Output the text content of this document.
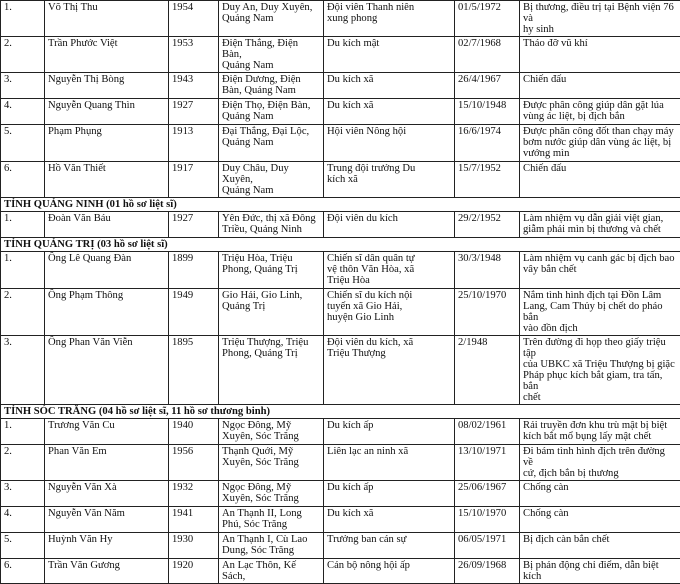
1.	Võ Thị Thu	1954	Duy An, Duy Xuyên,
Quảng Nam	Đội viên Thanh niên
xung phong	01/5/1972	Bị thương, điều trị tại Bệnh viện 76 và
hy sinh
2.	Trần Phước Việt	1953	Điện Thắng, Điện Bàn,
Quảng Nam	Du kích mật	02/7/1968	Tháo đỡ vũ khí
3.	Nguyễn Thị Bòng	1943	Điện Dương, Điện
Bàn, Quảng Nam	Du kích xã	26/4/1967	Chiến đấu
4.	Nguyễn Quang Thìn	1927	Điện Thọ, Điện Bàn,
Quảng Nam	Du kích xã	15/10/1948	Được phân công giúp dân gặt lúa
vùng ác liệt, bị địch bắn
5.	Phạm Phụng	1913	Đại Thắng, Đại Lộc,
Quảng Nam	Hội viên Nông hội	16/6/1974	Được phân công đốt than chạy máy
bơm nước giúp dân vùng ác liệt, bị
vướng mìn
6.	Hồ Văn Thiết	1917	Duy Châu, Duy Xuyên,
Quảng Nam	Trung đội trưởng Du
kích xã	15/7/1952	Chiến đấu
TỈNH QUẢNG NINH (01 hồ sơ liệt sĩ)						
1.	Đoàn Văn Báu	1927	Yên Đức, thị xã Đông
Triều, Quảng Ninh	Đội viên du kích	29/2/1952	Làm nhiệm vụ dẫn giải việt gian,
giẫm phải mìn bị thương và chết
TỈNH QUẢNG TRỊ (03 hồ sơ liệt sĩ)						
1.	Ông Lê Quang Đàn	1899	Triệu Hòa, Triệu
Phong, Quảng Trị	Chiến sĩ dân quân tự
vệ thôn Văn Hòa, xã
Triệu Hòa	30/3/1948	Làm nhiệm vụ canh gác bị địch bao
vây bắn chết
2.	Ông Phạm Thông	1949	Gio Hải, Gio Linh,
Quảng Trị	Chiến sĩ du kích nội
tuyến xã Gio Hải,
huyện Gio Linh	25/10/1970	Nắm tình hình địch tại Đồn Lâm
Lang, Cam Thủy bị chết do pháo bắn
vào đồn địch
3.	Ông Phan Văn Viễn	1895	Triệu Thượng, Triệu
Phong, Quảng Trị	Đội viên du kích, xã
Triệu Thượng	2/1948	Trên đường đi họp theo giấy triệu tập
của UBKC xã Triệu Thượng bị giặc
Pháp phục kích bắt giam, tra tấn, bắn
chết
TỈNH SÓC TRĂNG (04 hồ sơ liệt sĩ, 11 hồ sơ thương binh)						
1.	Trương Văn Cu	1940	Ngọc Đông, Mỹ
Xuyên, Sóc Trăng	Du kích ấp	08/02/1961	Rải truyền đơn khu trù mật bị biệt
kích bắt mổ bụng lấy mật chết
2.	Phan Văn Em	1956	Thạnh Quới, Mỹ
Xuyên, Sóc Trăng	Liên lạc an ninh xã	13/10/1971	Đi bám tình hình địch trên đường về
cứ, địch bắn bị thương
3.	Nguyễn Văn Xà	1932	Ngọc Đông, Mỹ
Xuyên, Sóc Trăng	Du kích ấp	25/06/1967	Chống càn
4.	Nguyễn Văn Năm	1941	An Thạnh II, Long
Phú, Sóc Trăng	Du kích xã	15/10/1970	Chống càn
5.	Huỳnh Văn Hy	1930	An Thạnh I, Cù Lao
Dung, Sóc Trăng	Trưởng ban cán sự	06/05/1971	Bị địch càn bắn chết
6.	Trần Văn Gương	1920	An Lạc Thôn, Kế Sách,	Cán bộ nông hội ấp	26/09/1968	Bị phản động chỉ điểm, dẫn biệt kích
